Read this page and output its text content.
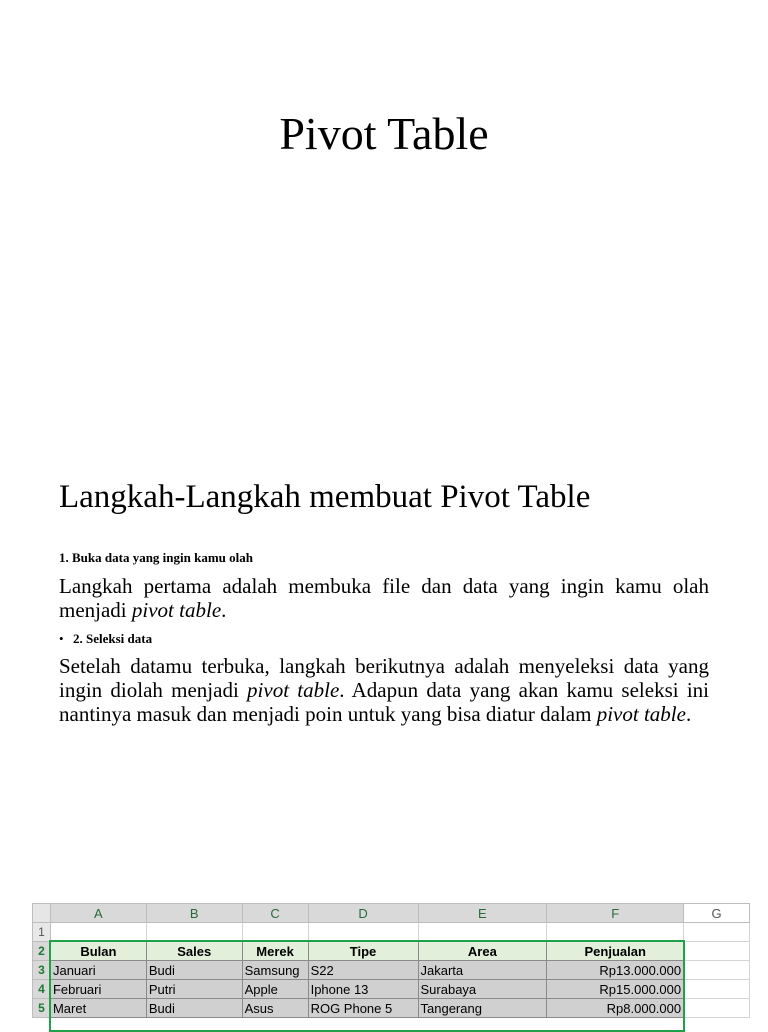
Pivot Table
Langkah-Langkah membuat Pivot Table
1. Buka data yang ingin kamu olah

Langkah pertama adalah membuka file dan data yang ingin kamu olah menjadi pivot table.

• 2. Seleksi data

Setelah datamu terbuka, langkah berikutnya adalah menyeleksi data yang ingin diolah menjadi pivot table. Adapun data yang akan kamu seleksi ini nantinya masuk dan menjadi poin untuk yang bisa diatur dalam pivot table.

	A	B	C	D	E	F	G
1							
2	Bulan	Sales	Merek	Tipe	Area	Penjualan	
3	Januari	Budi	Samsung	S22	Jakarta	Rp13.000.000	
4	Februari	Putri	Apple	Iphone 13	Surabaya	Rp15.000.000	
5	Maret	Budi	Asus	ROG Phone 5	Tangerang	Rp8.000.000	
